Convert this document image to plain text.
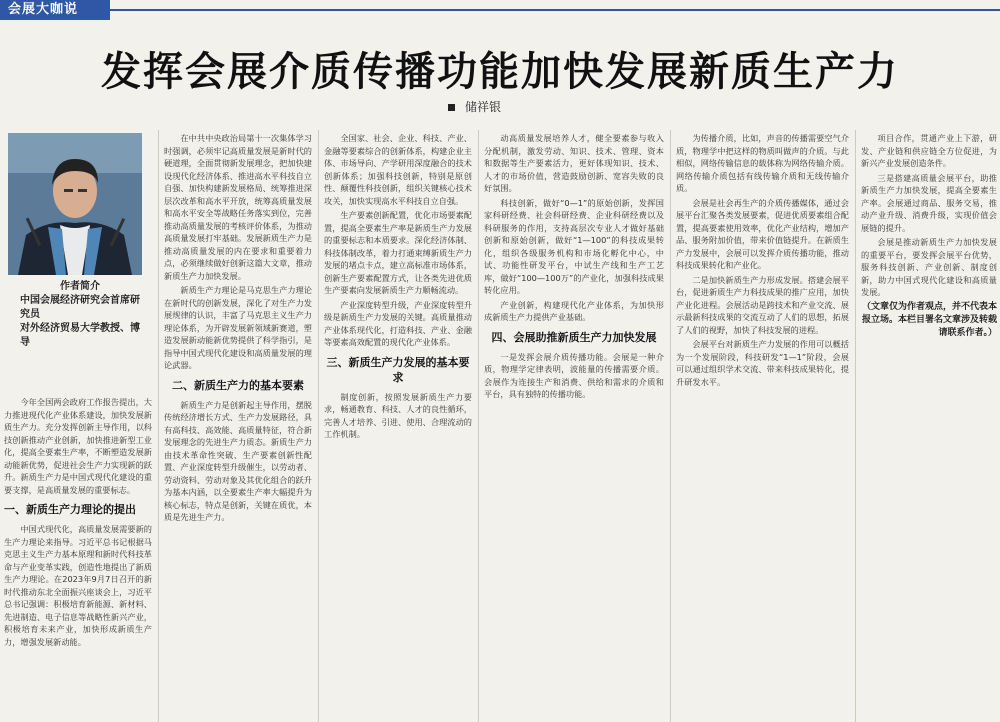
会展大咖说
发挥会展介质传播功能加快发展新质生产力
储祥银
作者简介
中国会展经济研究会首席研究员
对外经济贸易大学教授、博导

今年全国两会政府工作报告提出，大力推进现代化产业体系建设，加快发展新质生产力。充分发挥创新主导作用，以科技创新推动产业创新，加快推进新型工业化，提高全要素生产率，不断塑造发展新动能新优势，促进社会生产力实现新的跃升。新质生产力是中国式现代化建设的重要支撑，是高质量发展的重要标志。

一、新质生产力理论的提出

中国式现代化，高质量发展需要新的生产力理论来指导。习近平总书记根据马克思主义生产力基本原理和新时代科技革命与产业变革实践，创造性地提出了新质生产力理论。在2023年9月7日召开的新时代推动东北全面振兴座谈会上，习近平总书记强调：积极培育新能源、新材料、先进制造、电子信息等战略性新兴产业，积极培育未来产业，加快形成新质生产力，增强发展新动能。

在中共中央政治局第十一次集体学习时强调，必须牢记高质量发展是新时代的硬道理，全面贯彻新发展理念，把加快建设现代化经济体系、推进高水平科技自立自强、加快构建新发展格局、统筹推进深层次改革和高水平开放，统筹高质量发展和高水平安全等战略任务落实到位，完善推动高质量发展的考核评价体系，为推动高质量发展打牢基础。发展新质生产力是推动高质量发展的内在要求和重要着力点，必须继续做好创新这篇大文章，推动新质生产力加快发展。

新质生产力理论是马克思生产力理论在新时代的创新发展，深化了对生产力发展规律的认识，丰富了马克思主义生产力理论体系，为开辟发展新领域新赛道，塑造发展新动能新优势提供了科学指引，是指导中国式现代化建设和高质量发展的理论武器。

二、新质生产力的基本要素

新质生产力是创新起主导作用，摆脱传统经济增长方式、生产力发展路径，具有高科技、高效能、高质量特征，符合新发展理念的先进生产力质态。新质生产力由技术革命性突破、生产要素创新性配置、产业深度转型升级催生，以劳动者、劳动资料、劳动对象及其优化组合的跃升为基本内涵，以全要素生产率大幅提升为核心标志，特点是创新，关键在质优，本质是先进生产力。

全国家、社会、企业、科技、产业、金融等要素综合的创新体系，构建企业主体、市场导向、产学研用深度融合的技术创新体系；加强科技创新，特别是原创性、颠覆性科技创新，组织关键核心技术攻关，加快实现高水平科技自立自强。

生产要素创新配置，优化市场要素配置，提高全要素生产率是新质生产力发展的重要标志和本质要求。深化经济体制、科技体制改革，着力打通束缚新质生产力发展的堵点卡点，建立高标准市场体系，创新生产要素配置方式，让各类先进优质生产要素向发展新质生产力顺畅流动。

产业深度转型升级，产业深度转型升级是新质生产力发展的关键。高质量推动产业体系现代化，打造科技、产业、金融等要素高效配置的现代化产业体系。

三、新质生产力发展的基本要求

制度创新，按照发展新质生产力要求，畅通教育、科技、人才的良性循环，完善人才培养、引进、使用、合理流动的工作机制。

动高质量发展培养人才，健全要素参与收入分配机制，激发劳动、知识、技术、管理、资本和数据等生产要素活力，更好体现知识、技术、人才的市场价值，营造鼓励创新、宽容失败的良好氛围。

科技创新，做好“0—1”的原始创新，发挥国家科研经费、社会科研经费、企业科研经费以及科研服务的作用，支持高层次专业人才做好基础创新和原始创新，做好“1—100”的科技成果转化，组织各级服务机构和市场化孵化中心，中试、功能性研发平台，中试生产线和生产工艺库，做好“100—100万”的产业化，加强科技成果转化应用。

产业创新，构建现代化产业体系，为加快形成新质生产力提供产业基础。

四、会展助推新质生产力加快发展

一是发挥会展介质传播功能。会展是一种介质，物理学定律表明，波能量的传播需要介质。会展作为连接生产和消费、供给和需求的介质和平台，具有独特的传播功能。

为传播介质，比如，声音的传播需要空气介质，物理学中把这样的物质叫做声的介质。与此相似，网络传输信息的载体称为网络传输介质。网络传输介质包括有线传输介质和无线传输介质。

会展是社会再生产的介质传播媒体，通过会展平台汇聚各类发展要素，促进优质要素组合配置，提高要素使用效率，优化产业结构，增加产品、服务附加价值，带来价值链提升。在新质生产力发展中，会展可以发挥介质传播功能，推动科技成果转化和产业化。

二是加快新质生产力形成发展。搭建会展平台，促进新质生产力科技成果的推广应用，加快产业化进程。会展活动是跨技术和产业交流、展示最新科技成果的交流互动了人们的思想，拓展了人们的视野，加快了科技发展的进程。

会展平台对新质生产力发展的作用可以概括为一个发展阶段，科技研发“1—1”阶段，会展可以通过组织学术交流、带来科技成果转化，提升研发水平。

项目合作，贯通产业上下游，研发、产业链和供应链全方位促进，为新兴产业发展创造条件。

三是搭建高质量会展平台，助推新质生产力加快发展，提高全要素生产率。会展通过商品、服务交易，推动产业升级、消费升级，实现价值会展链的提升。

会展是推动新质生产力加快发展的重要平台，要发挥会展平台优势，服务科技创新、产业创新、制度创新，助力中国式现代化建设和高质量发展。

（文章仅为作者观点，并不代表本报立场。本栏目署名文章涉及转载请联系作者。）
